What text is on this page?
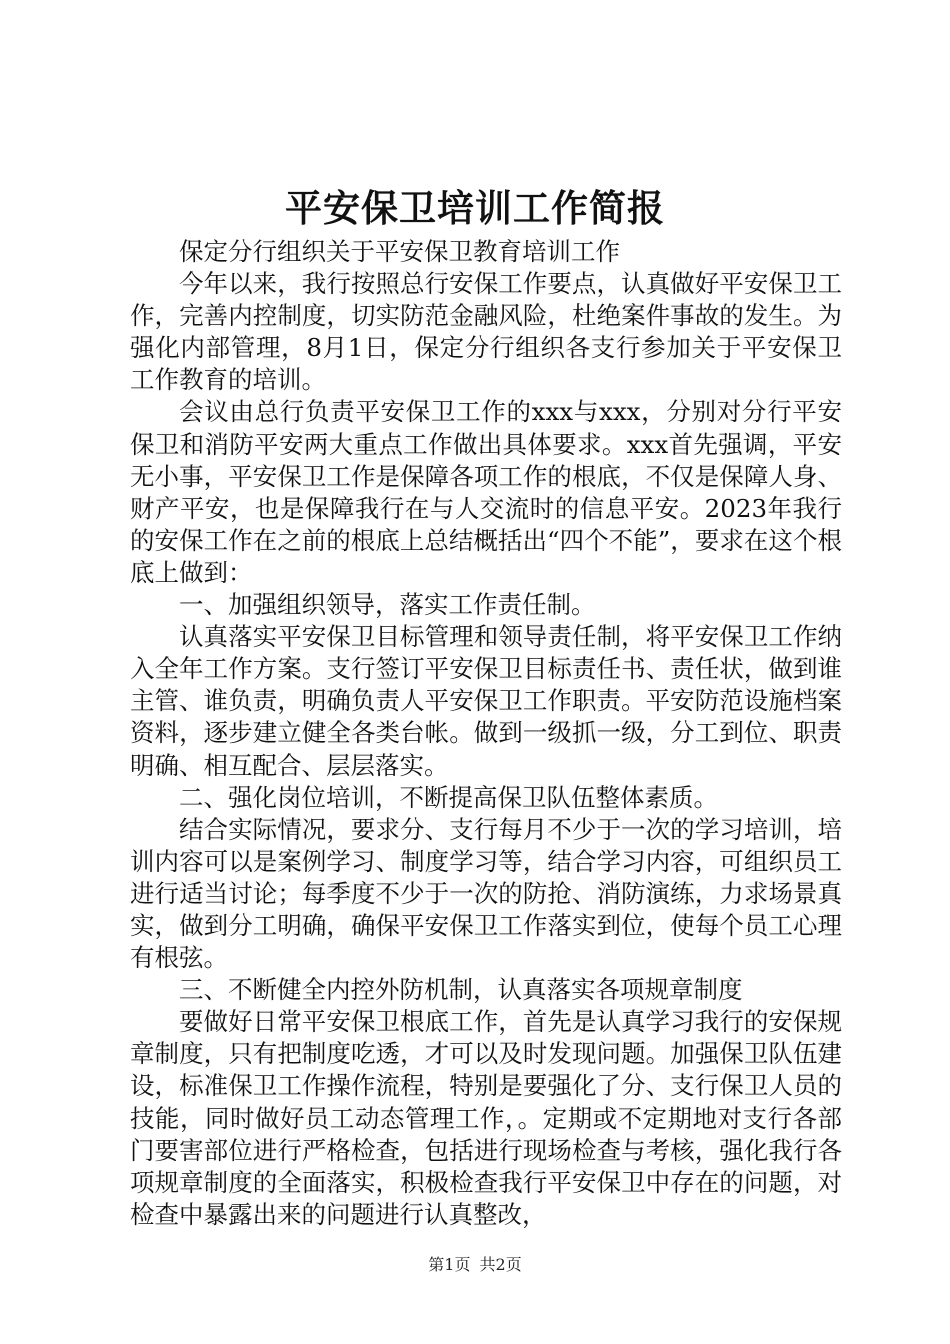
平安保卫培训工作简报

保定分行组织关于平安保卫教育培训工作

今年以来，我行按照总行安保工作要点，认真做好平安保卫工作，完善内控制度，切实防范金融风险，杜绝案件事故的发生。为强化内部管理，8月1日，保定分行组织各支行参加关于平安保卫工作教育的培训。

会议由总行负责平安保卫工作的xxx与xxx，分别对分行平安保卫和消防平安两大重点工作做出具体要求。xxx首先强调，平安无小事，平安保卫工作是保障各项工作的根底，不仅是保障人身、财产平安，也是保障我行在与人交流时的信息平安。2023年我行的安保工作在之前的根底上总结概括出“四个不能”，要求在这个根底上做到：

一、加强组织领导，落实工作责任制。

认真落实平安保卫目标管理和领导责任制，将平安保卫工作纳入全年工作方案。支行签订平安保卫目标责任书、责任状，做到谁主管、谁负责，明确负责人平安保卫工作职责。平安防范设施档案资料，逐步建立健全各类台帐。做到一级抓一级，分工到位、职责明确、相互配合、层层落实。

二、强化岗位培训，不断提高保卫队伍整体素质。

结合实际情况，要求分、支行每月不少于一次的学习培训，培训内容可以是案例学习、制度学习等，结合学习内容，可组织员工进行适当讨论；每季度不少于一次的防抢、消防演练，力求场景真实，做到分工明确，确保平安保卫工作落实到位，使每个员工心理有根弦。

三、不断健全内控外防机制，认真落实各项规章制度

要做好日常平安保卫根底工作，首先是认真学习我行的安保规章制度，只有把制度吃透，才可以及时发现问题。加强保卫队伍建设，标准保卫工作操作流程，特别是要强化了分、支行保卫人员的技能，同时做好员工动态管理工作，。定期或不定期地对支行各部门要害部位进行严格检查，包括进行现场检查与考核，强化我行各项规章制度的全面落实，积极检查我行平安保卫中存在的问题，对检查中暴露出来的问题进行认真整改，

第1页 共2页
